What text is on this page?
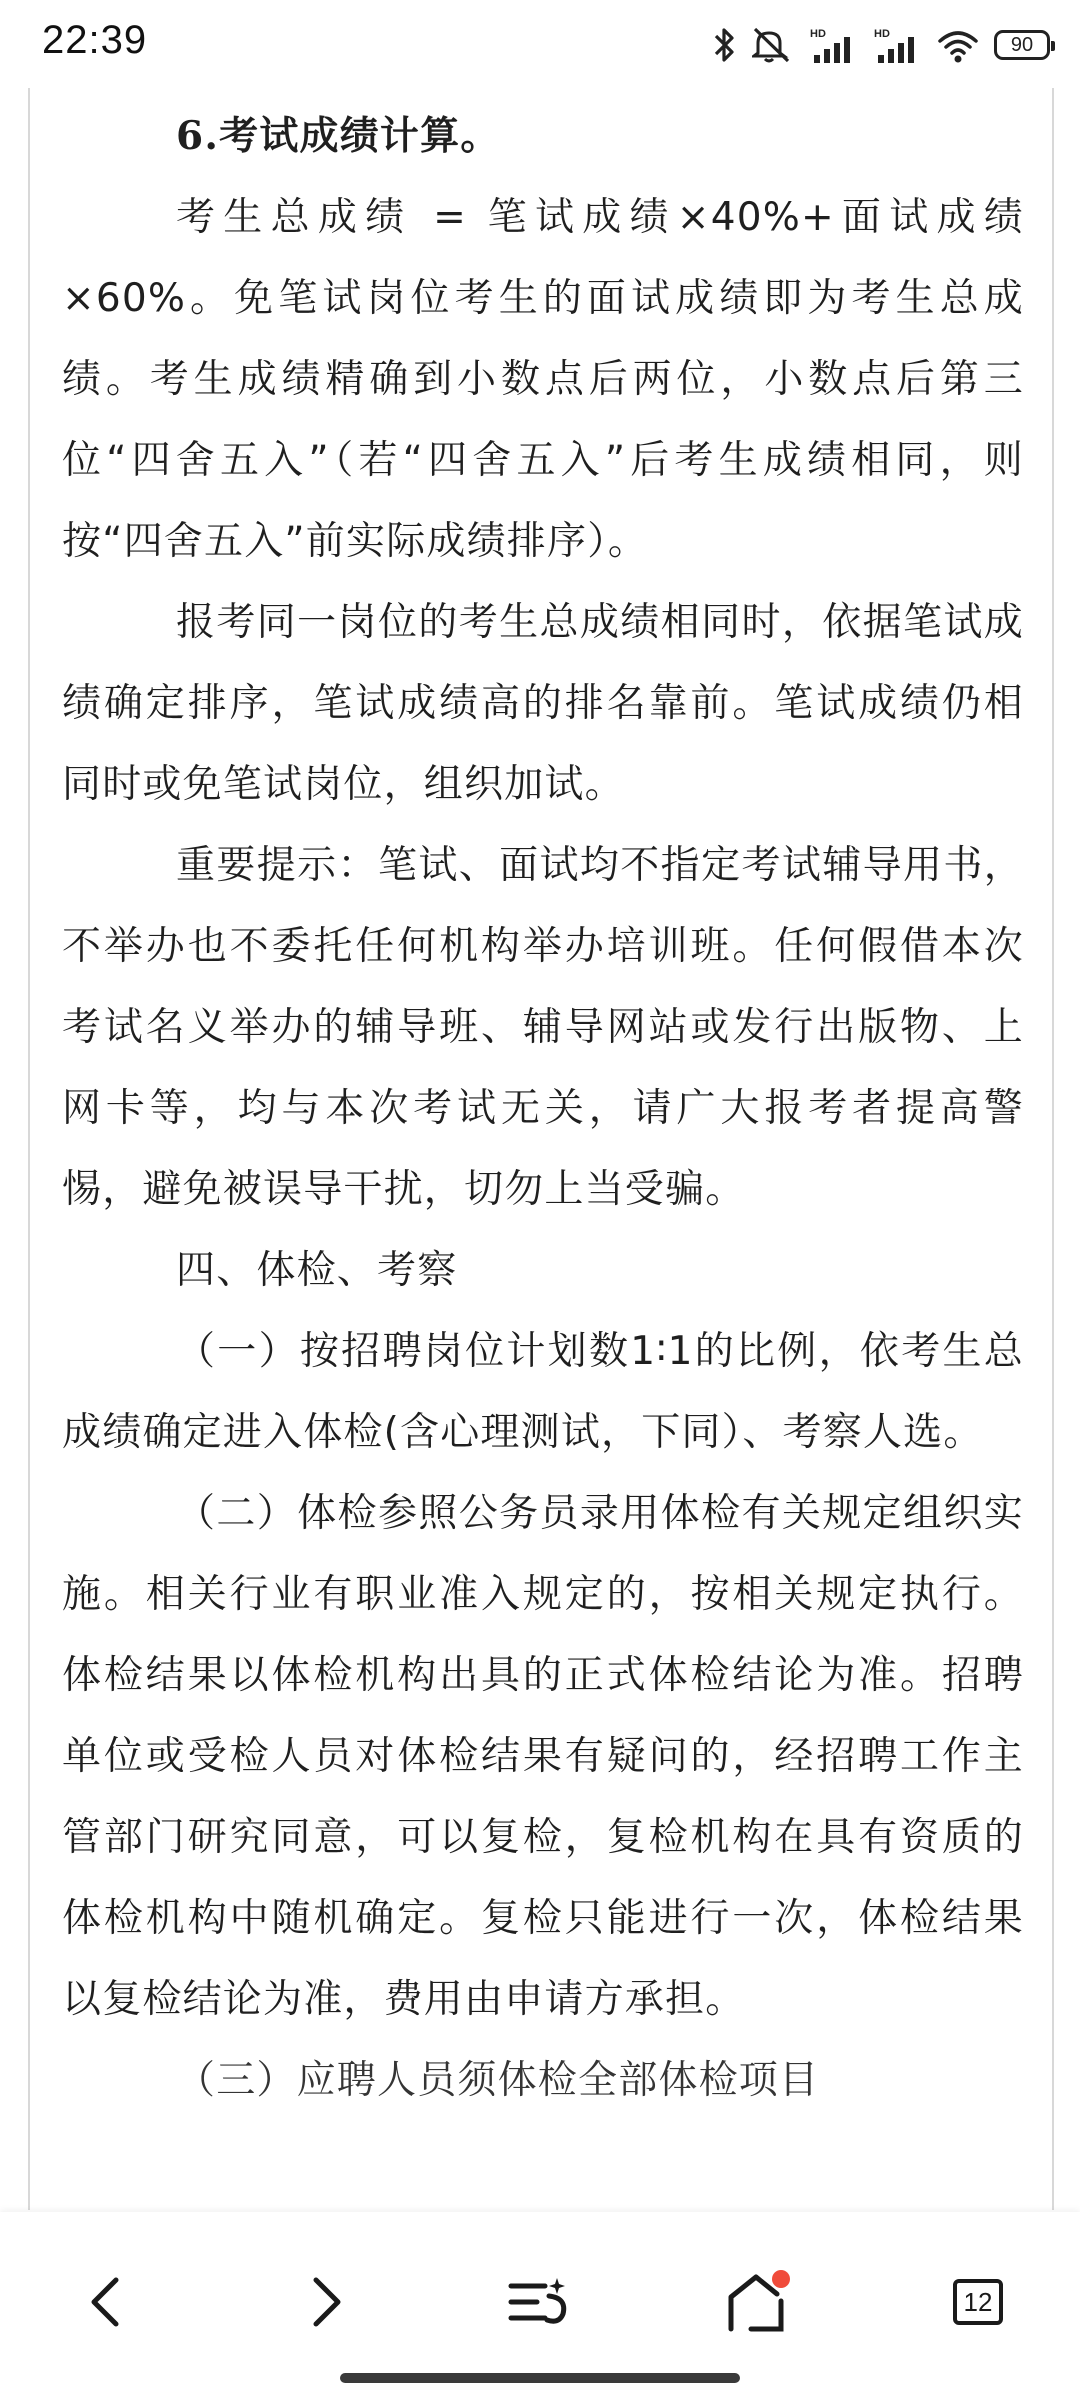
22:39	HD	HD	90

6.考试成绩计算。

考生总成绩 = 笔试成绩×40%+面试成绩×60%。免笔试岗位考生的面试成绩即为考生总成绩。考生成绩精确到小数点后两位，小数点后第三位“四舍五入”（若“四舍五入”后考生成绩相同，则按“四舍五入”前实际成绩排序）。

报考同一岗位的考生总成绩相同时，依据笔试成绩确定排序，笔试成绩高的排名靠前。笔试成绩仍相同时或免笔试岗位，组织加试。

重要提示：笔试、面试均不指定考试辅导用书，不举办也不委托任何机构举办培训班。任何假借本次考试名义举办的辅导班、辅导网站或发行出版物、上网卡等，均与本次考试无关，请广大报考者提高警惕，避免被误导干扰，切勿上当受骗。

四、体检、考察

（一）按招聘岗位计划数1∶1的比例，依考生总成绩确定进入体检(含心理测试，下同）、考察人选。

（二）体检参照公务员录用体检有关规定组织实施。相关行业有职业准入规定的，按相关规定执行。体检结果以体检机构出具的正式体检结论为准。招聘单位或受检人员对体检结果有疑问的，经招聘工作主管部门研究同意，可以复检，复检机构在具有资质的体检机构中随机确定。复检只能进行一次，体检结果以复检结论为准，费用由申请方承担。

（三）应聘人员须体检全部体检项目

12
